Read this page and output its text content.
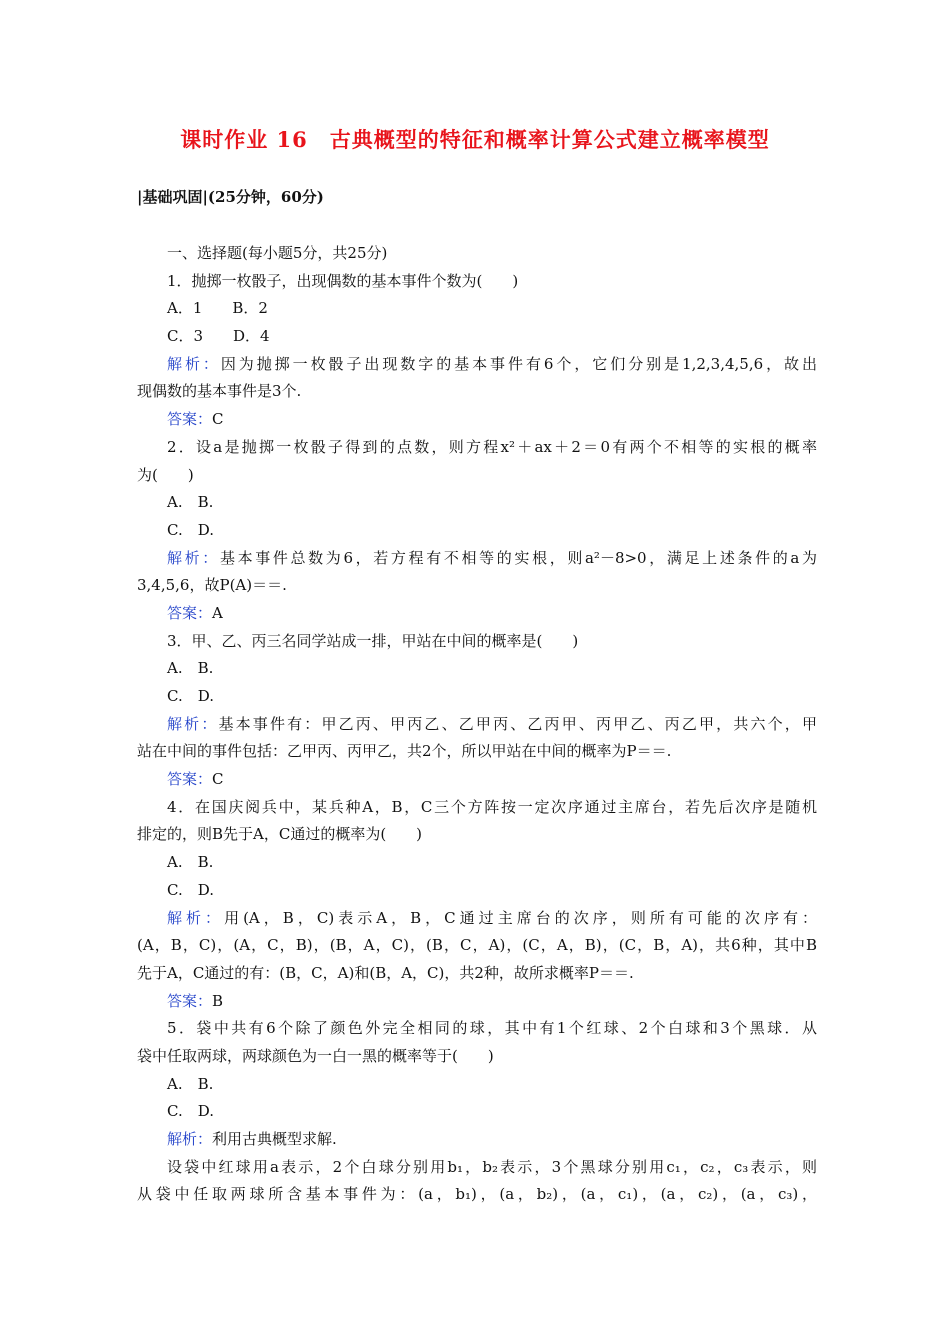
课时作业 16　古典概型的特征和概率计算公式建立概率模型
|基础巩固|(25分钟，60分)
一、选择题(每小题5分，共25分)
1．抛掷一枚骰子，出现偶数的基本事件个数为(　　)
A．1　　B．2
C．3　　D．4
解析：因为抛掷一枚骰子出现数字的基本事件有6个，它们分别是1,2,3,4,5,6，故出
现偶数的基本事件是3个.
答案：C
2．设a是抛掷一枚骰子得到的点数，则方程x²＋ax＋2＝0有两个不相等的实根的概率
为(　　)
A.　B.
C.　D.
解析：基本事件总数为6，若方程有不相等的实根，则a²－8>0，满足上述条件的a为
3,4,5,6，故P(A)＝＝.
答案：A
3．甲、乙、丙三名同学站成一排，甲站在中间的概率是(　　)
A.　B.
C.　D.
解析：基本事件有：甲乙丙、甲丙乙、乙甲丙、乙丙甲、丙甲乙、丙乙甲，共六个，甲
站在中间的事件包括：乙甲丙、丙甲乙，共2个，所以甲站在中间的概率为P＝＝.
答案：C
4．在国庆阅兵中，某兵种A，B，C三个方阵按一定次序通过主席台，若先后次序是随机
排定的，则B先于A，C通过的概率为(　　)
A.　B.
C.　D.
解析：用(A，B，C)表示A，B，C通过主席台的次序，则所有可能的次序有：
(A，B，C)，(A，C，B)，(B，A，C)，(B，C，A)，(C，A，B)，(C，B，A)，共6种，其中B
先于A，C通过的有：(B，C，A)和(B，A，C)，共2种，故所求概率P＝＝.
答案：B
5．袋中共有6个除了颜色外完全相同的球，其中有1个红球、2个白球和3个黑球．从
袋中任取两球，两球颜色为一白一黑的概率等于(　　)
A.　B.
C.　D.
解析：利用古典概型求解.
设袋中红球用a表示，2个白球分别用b₁，b₂表示，3个黑球分别用c₁，c₂，c₃表示，则
从袋中任取两球所含基本事件为：(a，b₁)，(a，b₂)，(a，c₁)，(a，c₂)，(a，c₃)，
